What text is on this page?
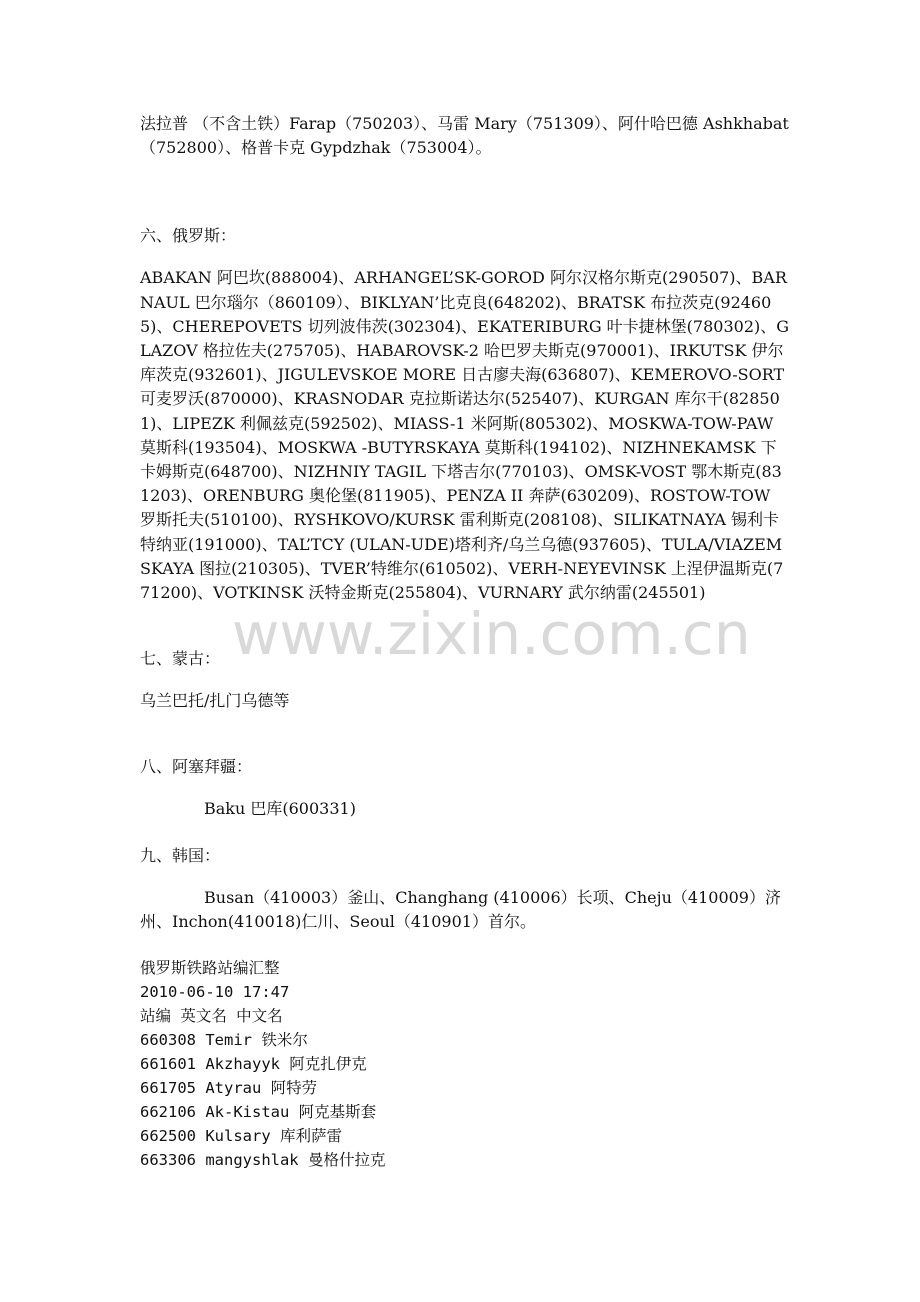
法拉普 （不含土铁）Farap（750203）、马雷 Mary（751309）、阿什哈巴德 Ashkhabat（752800）、格普卡克 Gypdzhak（753004）。

六、俄罗斯：

ABAKAN 阿巴坎(888004)、ARHANGEL’SK-GOROD 阿尔汉格尔斯克(290507)、BARNAUL 巴尔瑙尔（860109）、BIKLYAN’比克良(648202)、BRATSK 布拉茨克(924605)、CHEREPOVETS 切列波伟茨(302304)、EKATERIBURG 叶卡捷林堡(780302)、GLAZOV 格拉佐夫(275705)、HABAROVSK-2 哈巴罗夫斯克(970001)、IRKUTSK 伊尔库茨克(932601)、JIGULEVSKOE MORE 日古廖夫海(636807)、KEMEROVO-SORT 可麦罗沃(870000)、KRASNODAR 克拉斯诺达尔(525407)、KURGAN 库尔干(828501)、LIPEZK 利佩兹克(592502)、MIASS-1 米阿斯(805302)、MOSKWA-TOW-PAW 莫斯科(193504)、MOSKWA -BUTYRSKAYA 莫斯科(194102)、NIZHNEKAMSK 下卡姆斯克(648700)、NIZHNIY TAGIL 下塔吉尔(770103)、OMSK-VOST 鄂木斯克(831203)、ORENBURG 奥伦堡(811905)、PENZA II 奔萨(630209)、ROSTOW-TOW 罗斯托夫(510100)、RYSHKOVO/KURSK 雷利斯克(208108)、SILIKATNAYA 锡利卡特纳亚(191000)、TAL’TCY (ULAN-UDE)塔利齐/乌兰乌德(937605)、TULA/VIAZEMSKAYA 图拉(210305)、TVER’特维尔(610502)、VERH-NEYEVINSK 上涅伊温斯克(771200)、VOTKINSK 沃特金斯克(255804)、VURNARY 武尔纳雷(245501)

七、蒙古：

乌兰巴托/扎门乌德等

八、阿塞拜疆：

Baku 巴库(600331)

九、韩国：

Busan（410003）釜山、Changhang (410006）长项、Cheju（410009）济州、Inchon(410018)仁川、Seoul（410901）首尔。

俄罗斯铁路站编汇整

2010-06-10 17:47

站编 英文名 中文名

660308 Temir 铁米尔

661601 Akzhayyk 阿克扎伊克

661705 Atyrau 阿特劳

662106 Ak-Kistau 阿克基斯套

662500 Kulsary 库利萨雷

663306 mangyshlak 曼格什拉克

www.zixin.com.cn
